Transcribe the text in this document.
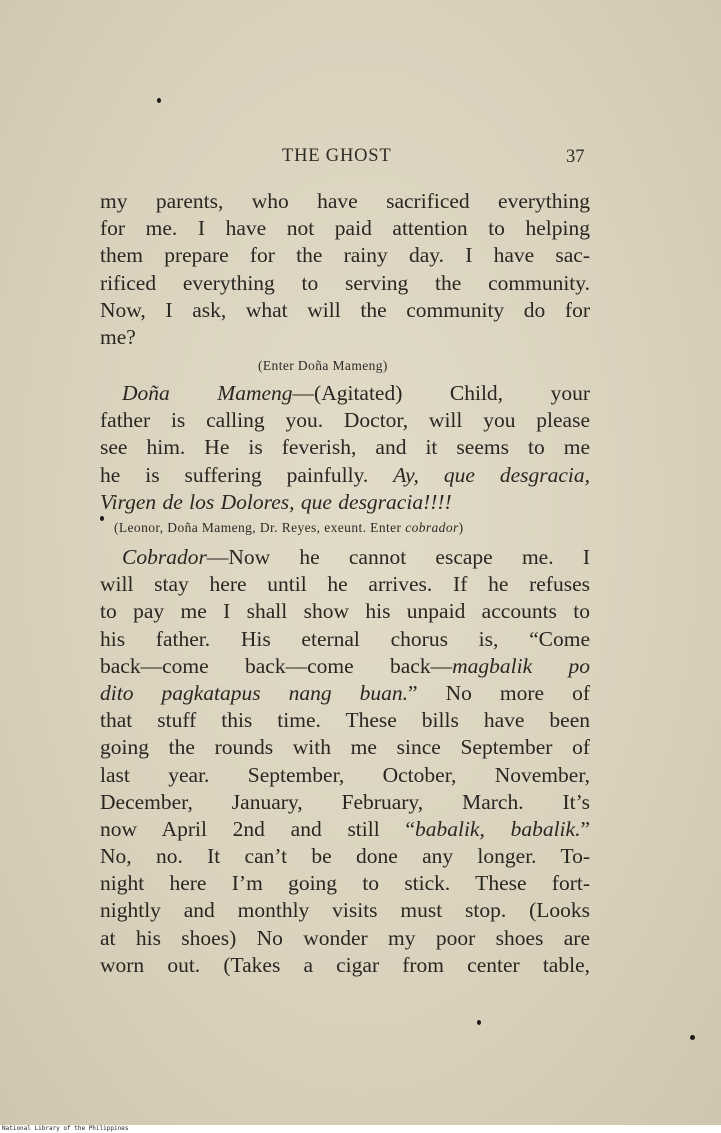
THE GHOST	37
my parents, who have sacrificed everything
for me. I have not paid attention to helping
them prepare for the rainy day. I have sac-
rificed everything to serving the community.
Now, I ask, what will the community do for
me?
(Enter Doña Mameng)
Doña Mameng—(Agitated) Child, your
father is calling you. Doctor, will you please
see him. He is feverish, and it seems to me
he is suffering painfully. Ay, que desgracia,
Virgen de los Dolores, que desgracia!!!!
(Leonor, Doña Mameng, Dr. Reyes, exeunt. Enter cobrador)
Cobrador—Now he cannot escape me. I
will stay here until he arrives. If he refuses
to pay me I shall show his unpaid accounts to
his father. His eternal chorus is, “Come
back—come back—come back—magbalik po
dito pagkatapus nang buan.” No more of
that stuff this time. These bills have been
going the rounds with me since September of
last year. September, October, November,
December, January, February, March. It’s
now April 2nd and still “babalik, babalik.”
No, no. It can’t be done any longer. To-
night here I’m going to stick. These fort-
nightly and monthly visits must stop. (Looks
at his shoes) No wonder my poor shoes are
worn out. (Takes a cigar from center table,
National Library of the Philippines
